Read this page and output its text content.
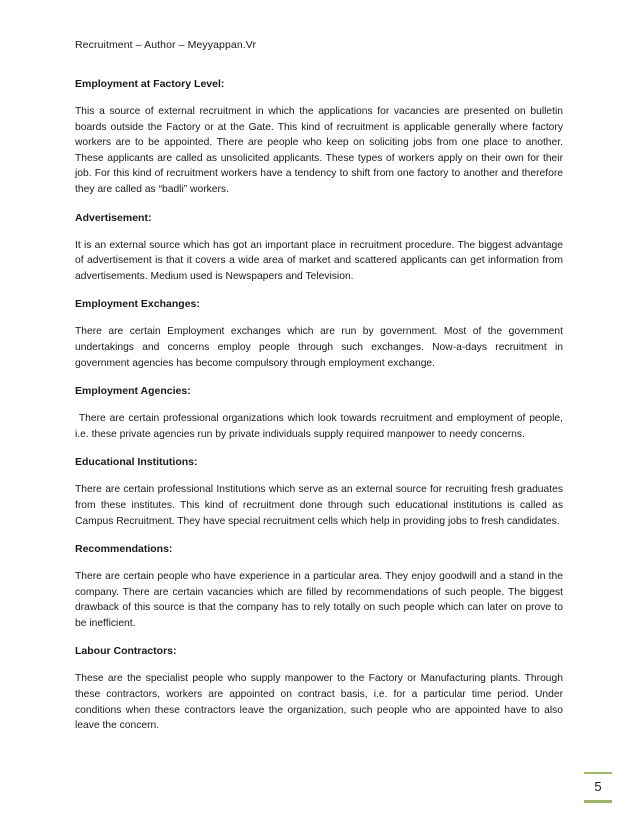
Recruitment – Author – Meyyappan.Vr
Employment at Factory Level:
This a source of external recruitment in which the applications for vacancies are presented on bulletin boards outside the Factory or at the Gate. This kind of recruitment is applicable generally where factory workers are to be appointed. There are people who keep on soliciting jobs from one place to another. These applicants are called as unsolicited applicants. These types of workers apply on their own for their job. For this kind of recruitment workers have a tendency to shift from one factory to another and therefore they are called as “badli” workers.
Advertisement:
It is an external source which has got an important place in recruitment procedure. The biggest advantage of advertisement is that it covers a wide area of market and scattered applicants can get information from advertisements. Medium used is Newspapers and Television.
Employment Exchanges:
There are certain Employment exchanges which are run by government. Most of the government undertakings and concerns employ people through such exchanges. Now-a-days recruitment in government agencies has become compulsory through employment exchange.
Employment Agencies:
There are certain professional organizations which look towards recruitment and employment of people, i.e. these private agencies run by private individuals supply required manpower to needy concerns.
Educational Institutions:
There are certain professional Institutions which serve as an external source for recruiting fresh graduates from these institutes. This kind of recruitment done through such educational institutions is called as Campus Recruitment. They have special recruitment cells which help in providing jobs to fresh candidates.
Recommendations:
There are certain people who have experience in a particular area. They enjoy goodwill and a stand in the company. There are certain vacancies which are filled by recommendations of such people. The biggest drawback of this source is that the company has to rely totally on such people which can later on prove to be inefficient.
Labour Contractors:
These are the specialist people who supply manpower to the Factory or Manufacturing plants. Through these contractors, workers are appointed on contract basis, i.e. for a particular time period. Under conditions when these contractors leave the organization, such people who are appointed have to also leave the concern.
5
